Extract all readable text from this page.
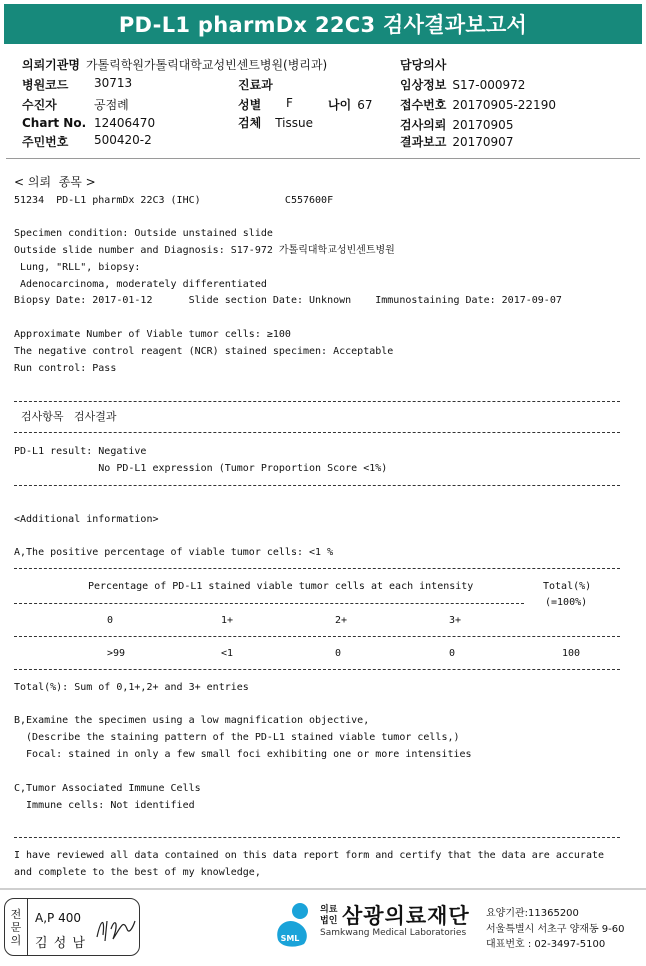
PD-L1 pharmDx 22C3 검사결과보고서
의뢰기관명 가톨릭학원가톨릭대학교성빈센트병원(병리과)	담당의사
병원코드 30713	진료과	임상정보 S17-000972
수진자	공점례	성별 F	나이 67 접수번호 20170905-22190
Chart No. 12406470	검체 Tissue	검사의뢰 20170905
주민번호 500420-2	결과보고 20170907
< 의뢰  종목 >
51234  PD-L1 pharmDx 22C3 (IHC)              C557600F
Specimen condition: Outside unstained slide
Outside slide number and Diagnosis: S17-972 가톨릭대학교성빈센트병원
Lung, "RLL", biopsy:
Adenocarcinoma, moderately differentiated
Biopsy Date: 2017-01-12      Slide section Date: Unknown    Immunostaining Date: 2017-09-07
Approximate Number of Viable tumor cells: ≥100
The negative control reagent (NCR) stained specimen: Acceptable
Run control: Pass
검사항목   검사결과
PD-L1 result: Negative
No PD-L1 expression (Tumor Proportion Score <1%)
<Additional information>
A,The positive percentage of viable tumor cells: <1 %
Percentage of PD-L1 stained viable tumor cells at each intensity	Total(%)
(=100%)
0	1+	2+	3+
>99	<1	0	0	100
Total(%): Sum of 0,1+,2+ and 3+ entries
B,Examine the specimen using a low magnification objective,
(Describe the staining pattern of the PD-L1 stained viable tumor cells,)
Focal: stained in only a few small foci exhibiting one or more intensities
C,Tumor Associated Immune Cells
Immune cells: Not identified
I have reviewed all data contained on this data report form and certify that the data are accurate
and complete to the best of my knowledge,
전
문
의
A,P 400
김 성 남	SML
의료
법인 삼광의료재단
Samkwang Medical Laboratories
요양기관:11365200
서울특별시 서초구 양재동 9-60
대표번호 : 02-3497-5100
